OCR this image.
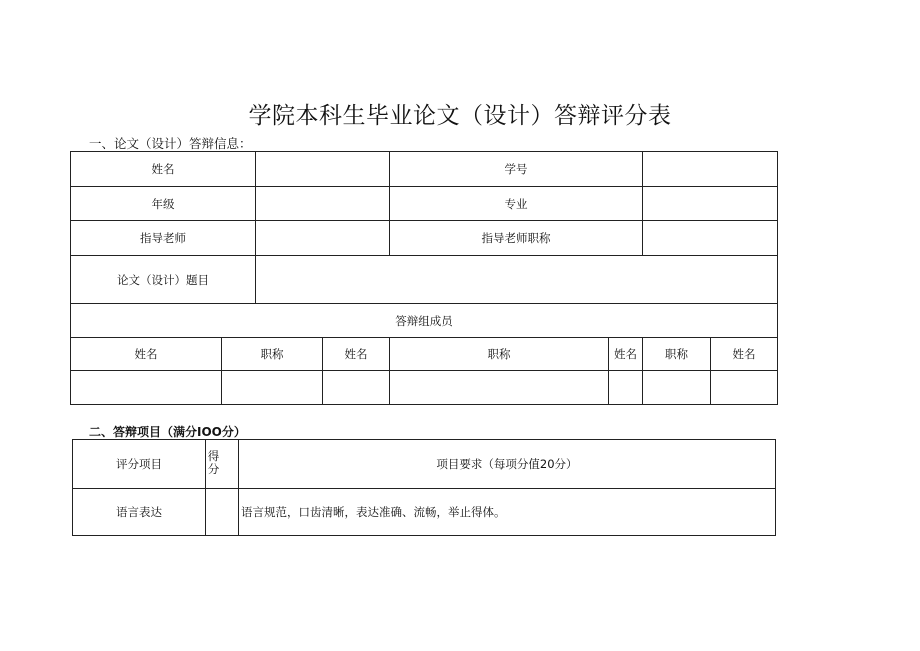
学院本科生毕业论文（设计）答辩评分表
一、论文（设计）答辩信息：
姓名				学号			
年级				专业			
指导老师				指导老师职称			
论文（设计）题目							
答辩组成员							
姓名	职称		姓名	职称	姓名	职称	姓名

二、答辩项目（满分IOO分）
评分项目	得分	项目要求（每项分值20分）
语言表达		语言规范，口齿清晰，表达准确、流畅，举止得体。
